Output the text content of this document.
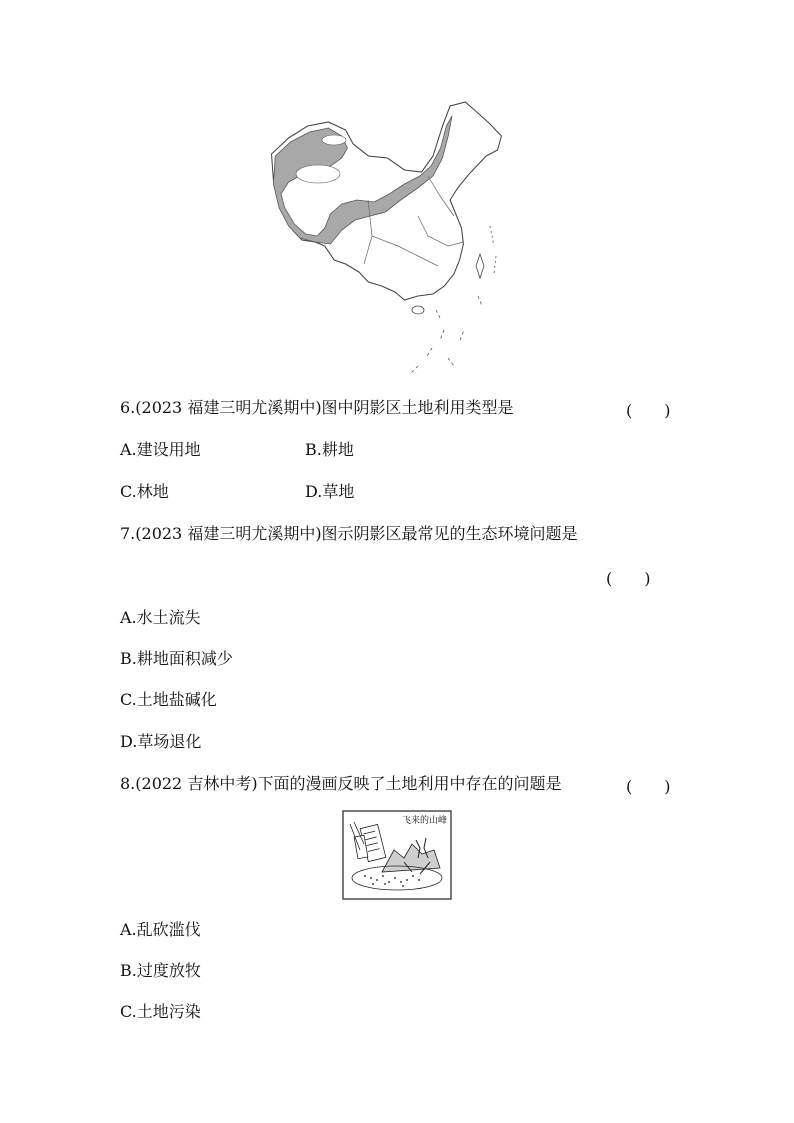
6.(2023 福建三明尤溪期中)图中阴影区土地利用类型是	(　　)
A.建设用地	B.耕地
C.林地	D.草地
7.(2023 福建三明尤溪期中)图示阴影区最常见的生态环境问题是
(　　)
A.水土流失
B.耕地面积减少
C.土地盐碱化
D.草场退化
8.(2022 吉林中考)下面的漫画反映了土地利用中存在的问题是	(　　)
飞来的山峰
A.乱砍滥伐
B.过度放牧
C.土地污染
